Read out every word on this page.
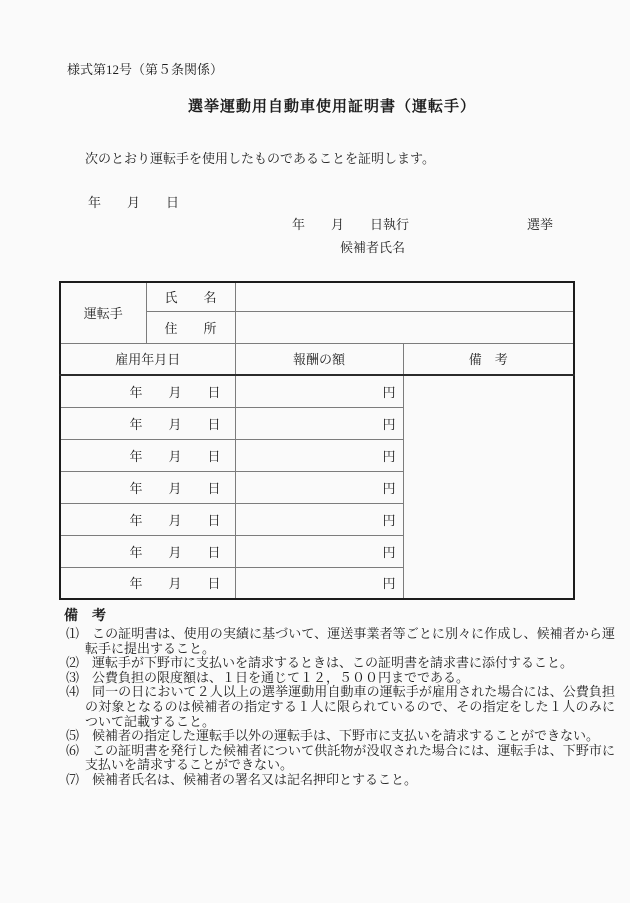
様式第12号（第５条関係）
選挙運動用自動車使用証明書（運転手）
次のとおり運転手を使用したものであることを証明します。
年　　月　　日
年　　月　　日執行	選挙
候補者氏名
運転手	氏　　名		
	住　　所		
雇用年月日		報酬の額	備　考
年　　月　　日		円	
年　　月　　日		円	
年　　月　　日		円	
年　　月　　日		円	
年　　月　　日		円	
年　　月　　日		円	
年　　月　　日		円	
備　考
⑴ この証明書は、使用の実績に基づいて、運送事業者等ごとに別々に作成し、候補者から運転手に提出すること。
⑵ 運転手が下野市に支払いを請求するときは、この証明書を請求書に添付すること。
⑶ 公費負担の限度額は、１日を通じて１２，５００円までである。
⑷ 同一の日において２人以上の選挙運動用自動車の運転手が雇用された場合には、公費負担の対象となるのは候補者の指定する１人に限られているので、その指定をした１人のみについて記載すること。
⑸ 候補者の指定した運転手以外の運転手は、下野市に支払いを請求することができない。
⑹ この証明書を発行した候補者について供託物が没収された場合には、運転手は、下野市に支払いを請求することができない。
⑺ 候補者氏名は、候補者の署名又は記名押印とすること。
